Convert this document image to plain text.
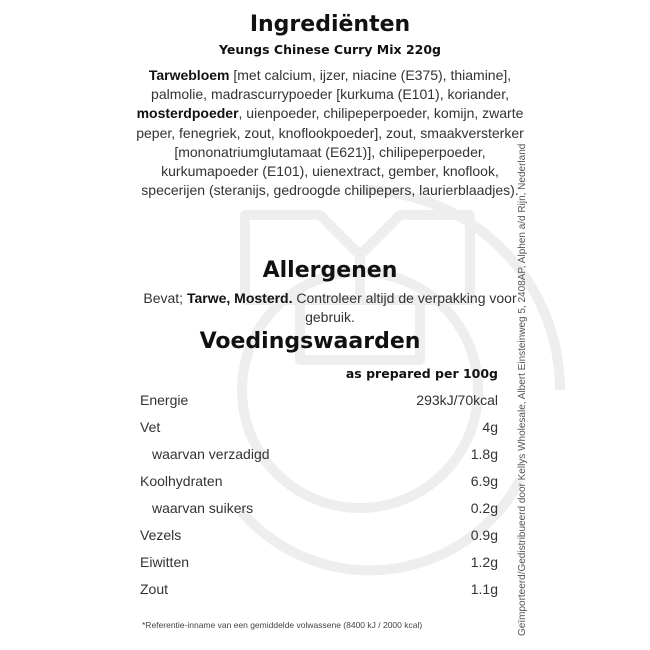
Ingrediënten
Yeungs Chinese Curry Mix 220g
Tarwebloem [met calcium, ijzer, niacine (E375), thiamine], palmolie, madrascurrypoeder [kurkuma (E101), koriander, mosterdpoeder, uienpoeder, chilipeperpoeder, komijn, zwarte peper, fenegriek, zout, knoflookpoeder], zout, smaakversterker [mononatriumglutamaat (E621)], chilipeperpoeder, kurkumapoeder (E101), uienextract, gember, knoflook, specerijen (steranijs, gedroogde chilipepers, laurierblaadjes).
Allergenen
Bevat; Tarwe, Mosterd. Controleer altijd de verpakking voor gebruik.
Voedingswaarden
as prepared per 100g
Energie	293kJ/70kcal
Vet	4g
waarvan verzadigd	1.8g
Koolhydraten	6.9g
waarvan suikers	0.2g
Vezels	0.9g
Eiwitten	1.2g
Zout	1.1g
*Referentie-inname van een gemiddelde volwassene (8400 kJ / 2000 kcal)	Geïmporteerd/Gedistribueerd door Kellys Wholesale, Albert Einsteinweg 5, 2408AP, Alphen a/d Rijn, Nederland
